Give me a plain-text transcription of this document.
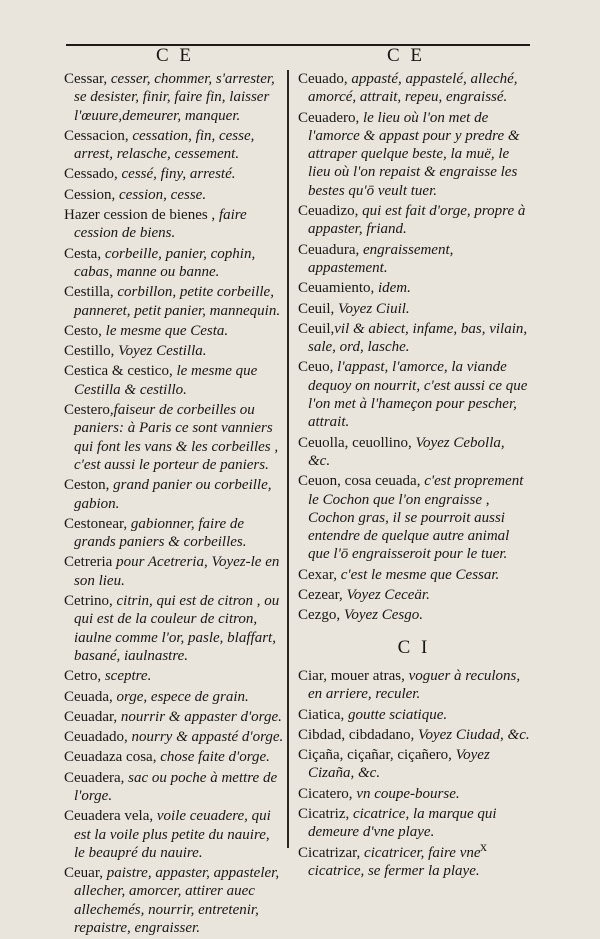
C E	C E
Cessar, cesser, chommer, s'arrester, se desister, finir, faire fin, laisser l'œuure,demeurer, manquer.
Cessacion, cessation, fin, cesse, arrest, relasche, cessement.
Cessado, cessé, finy, arresté.
Cession, cession, cesse.
Hazer cession de bienes , faire cession de biens.
Cesta, corbeille, panier, cophin, cabas, manne ou banne.
Cestilla, corbillon, petite corbeille, panneret, petit panier, mannequin.
Cesto, le mesme que Cesta.
Cestillo, Voyez Cestilla.
Cestica & cestico, le mesme que Cestilla & cestillo.
Cestero,faiseur de corbeilles ou paniers: à Paris ce sont vanniers qui font les vans & les corbeilles , c'est aussi le porteur de paniers.
Ceston, grand panier ou corbeille, gabion.
Cestonear, gabionner, faire de grands paniers & corbeilles.
Cetreria pour Acetreria, Voyez-le en son lieu.
Cetrino, citrin, qui est de citron , ou qui est de la couleur de citron, iaulne comme l'or, pasle, blaffart, basané, iaulnastre.
Cetro, sceptre.
Ceuada, orge, espece de grain.
Ceuadar, nourrir & appaster d'orge.
Ceuadado, nourry & appasté d'orge.
Ceuadaza cosa, chose faite d'orge.
Ceuadera, sac ou poche à mettre de l'orge.
Ceuadera vela, voile ceuadere, qui est la voile plus petite du nauire, le beaupré du nauire.
Ceuar, paistre, appaster, appasteler, allecher, amorcer, attirer auec allechemés, nourrir, entretenir, repaistre, engraisser.
Ceuado, appasté, appastelé, alleché, amorcé, attrait, repeu, engraissé.
Ceuadero, le lieu où l'on met de l'amorce & appast pour y predre & attraper quelque beste, la muë, le lieu où l'on repaist & engraisse les bestes qu'ō veult tuer.
Ceuadizo, qui est fait d'orge, propre à appaster, friand.
Ceuadura, engraissement, appastement.
Ceuamiento, idem.
Ceuil, Voyez Ciuil.
Ceuil,vil & abiect, infame, bas, vilain, sale, ord, lasche.
Ceuo, l'appast, l'amorce, la viande dequoy on nourrit, c'est aussi ce que l'on met à l'hameçon pour pescher, attrait.
Ceuolla, ceuollino, Voyez Cebolla, &c.
Ceuon, cosa ceuada, c'est proprement le Cochon que l'on engraisse , Cochon gras, il se pourroit aussi entendre de quelque autre animal que l'ō engraisseroit pour le tuer.
Cexar, c'est le mesme que Cessar.
Cezear, Voyez Ceceär.
Cezgo, Voyez Cesgo.
C I
Ciar, mouer atras, voguer à reculons, en arriere, reculer.
Ciatica, goutte sciatique.
Cibdad, cibdadano, Voyez Ciudad, &c.
Ciçaña, ciçañar, ciçañero, Voyez Cizaña, &c.
Cicatero, vn coupe-bourse.
Cicatriz, cicatrice, la marque qui demeure d'vne playe.
Cicatrizar, cicatricer, faire vne cicatrice, se fermer la playe.
x
